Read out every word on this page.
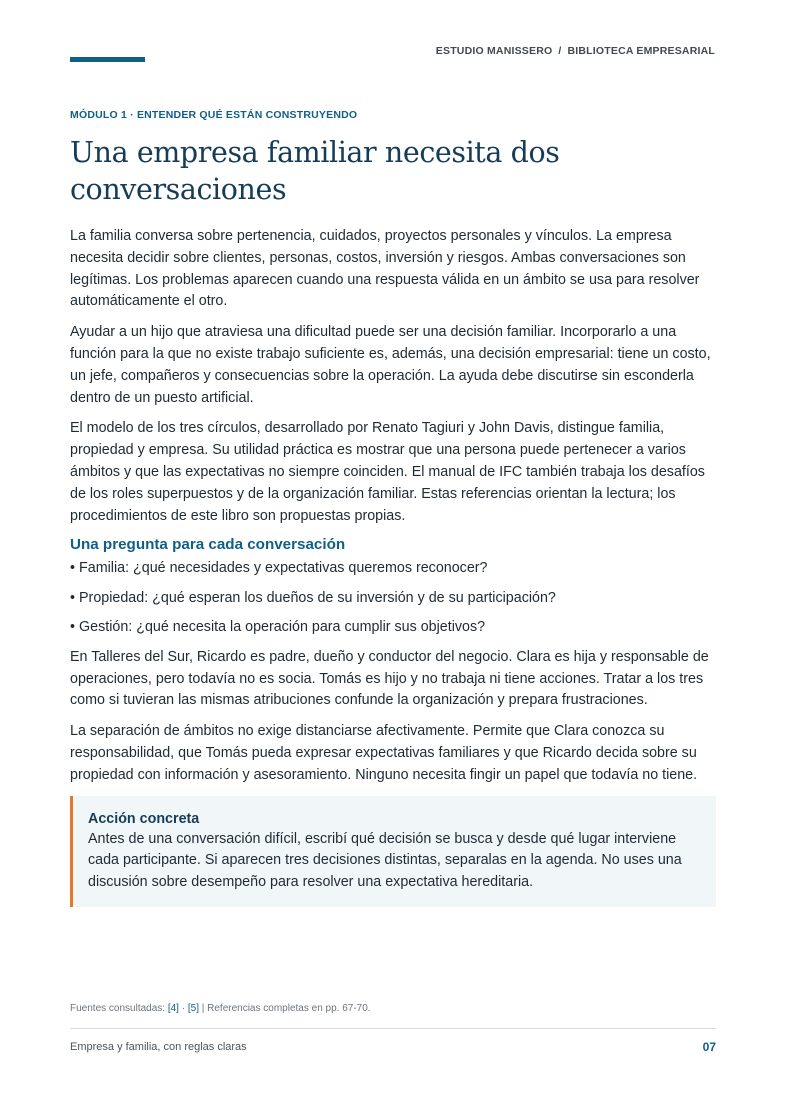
ESTUDIO MANISSERO / BIBLIOTECA EMPRESARIAL

MÓDULO 1 · ENTENDER QUÉ ESTÁN CONSTRUYENDO

Una empresa familiar necesita dos conversaciones

La familia conversa sobre pertenencia, cuidados, proyectos personales y vínculos. La empresa necesita decidir sobre clientes, personas, costos, inversión y riesgos. Ambas conversaciones son legítimas. Los problemas aparecen cuando una respuesta válida en un ámbito se usa para resolver automáticamente el otro.

Ayudar a un hijo que atraviesa una dificultad puede ser una decisión familiar. Incorporarlo a una función para la que no existe trabajo suficiente es, además, una decisión empresarial: tiene un costo, un jefe, compañeros y consecuencias sobre la operación. La ayuda debe discutirse sin esconderla dentro de un puesto artificial.

El modelo de los tres círculos, desarrollado por Renato Tagiuri y John Davis, distingue familia, propiedad y empresa. Su utilidad práctica es mostrar que una persona puede pertenecer a varios ámbitos y que las expectativas no siempre coinciden. El manual de IFC también trabaja los desafíos de los roles superpuestos y de la organización familiar. Estas referencias orientan la lectura; los procedimientos de este libro son propuestas propias.

Una pregunta para cada conversación
• Familia: ¿qué necesidades y expectativas queremos reconocer?
• Propiedad: ¿qué esperan los dueños de su inversión y de su participación?
• Gestión: ¿qué necesita la operación para cumplir sus objetivos?

En Talleres del Sur, Ricardo es padre, dueño y conductor del negocio. Clara es hija y responsable de operaciones, pero todavía no es socia. Tomás es hijo y no trabaja ni tiene acciones. Tratar a los tres como si tuvieran las mismas atribuciones confunde la organización y prepara frustraciones.

La separación de ámbitos no exige distanciarse afectivamente. Permite que Clara conozca su responsabilidad, que Tomás pueda expresar expectativas familiares y que Ricardo decida sobre su propiedad con información y asesoramiento. Ninguno necesita fingir un papel que todavía no tiene.

Acción concreta

Antes de una conversación difícil, escribí qué decisión se busca y desde qué lugar interviene cada participante. Si aparecen tres decisiones distintas, separalas en la agenda. No uses una discusión sobre desempeño para resolver una expectativa hereditaria.

Fuentes consultadas: [4] · [5] | Referencias completas en pp. 67-70.
Empresa y familia, con reglas claras	07
